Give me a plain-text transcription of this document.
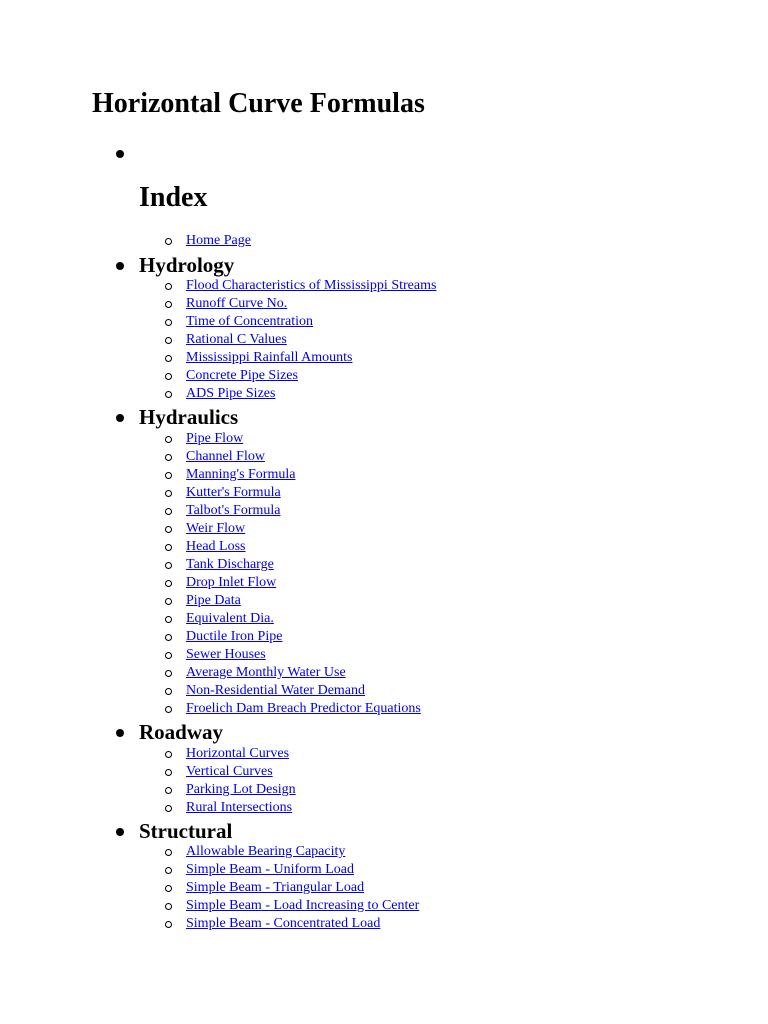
Horizontal Curve Formulas
Index
Home Page
Hydrology
Flood Characteristics of Mississippi Streams
Runoff Curve No.
Time of Concentration
Rational C Values
Mississippi Rainfall Amounts
Concrete Pipe Sizes
ADS Pipe Sizes
Hydraulics
Pipe Flow
Channel Flow
Manning's Formula
Kutter's Formula
Talbot's Formula
Weir Flow
Head Loss
Tank Discharge
Drop Inlet Flow
Pipe Data
Equivalent Dia.
Ductile Iron Pipe
Sewer Houses
Average Monthly Water Use
Non-Residential Water Demand
Froelich Dam Breach Predictor Equations
Roadway
Horizontal Curves
Vertical Curves
Parking Lot Design
Rural Intersections
Structural
Allowable Bearing Capacity
Simple Beam - Uniform Load
Simple Beam - Triangular Load
Simple Beam - Load Increasing to Center
Simple Beam - Concentrated Load
